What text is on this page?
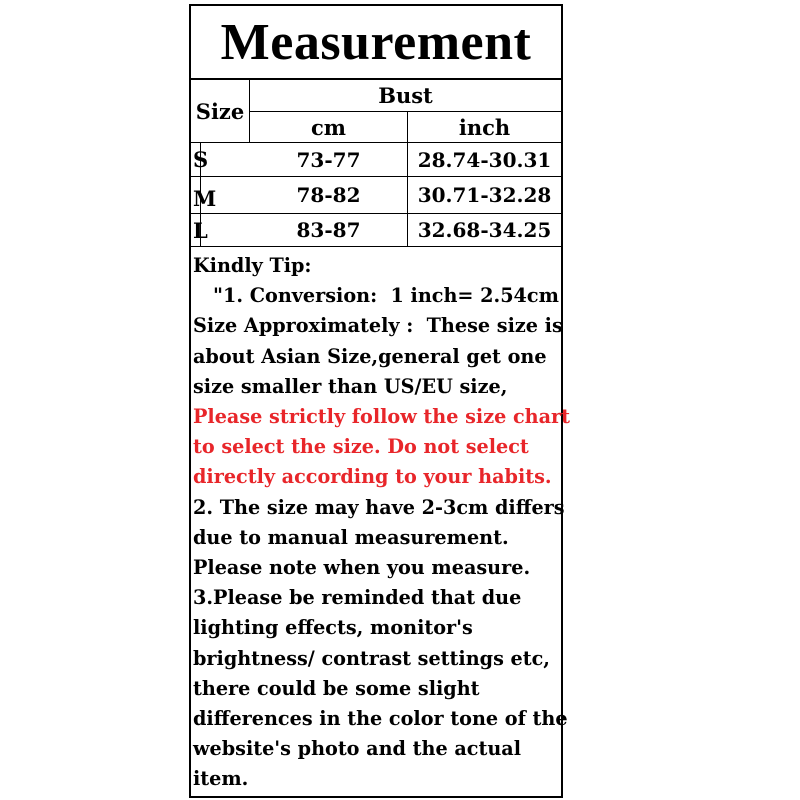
Measurement
Size
Bust
cm	inch
S	73-77	28.74-30.31
M	78-82	30.71-32.28
L	83-87	32.68-34.25
Kindly Tip:
"1. Conversion:  1 inch= 2.54cm
Size Approximately :  These size is
about Asian Size,general get one
size smaller than US/EU size,
Please strictly follow the size chart
to select the size. Do not select
directly according to your habits.
2. The size may have 2-3cm differs
due to manual measurement.
Please note when you measure.
3.Please be reminded that due
lighting effects, monitor's
brightness/ contrast settings etc,
there could be some slight
differences in the color tone of the
website's photo and the actual
item.
